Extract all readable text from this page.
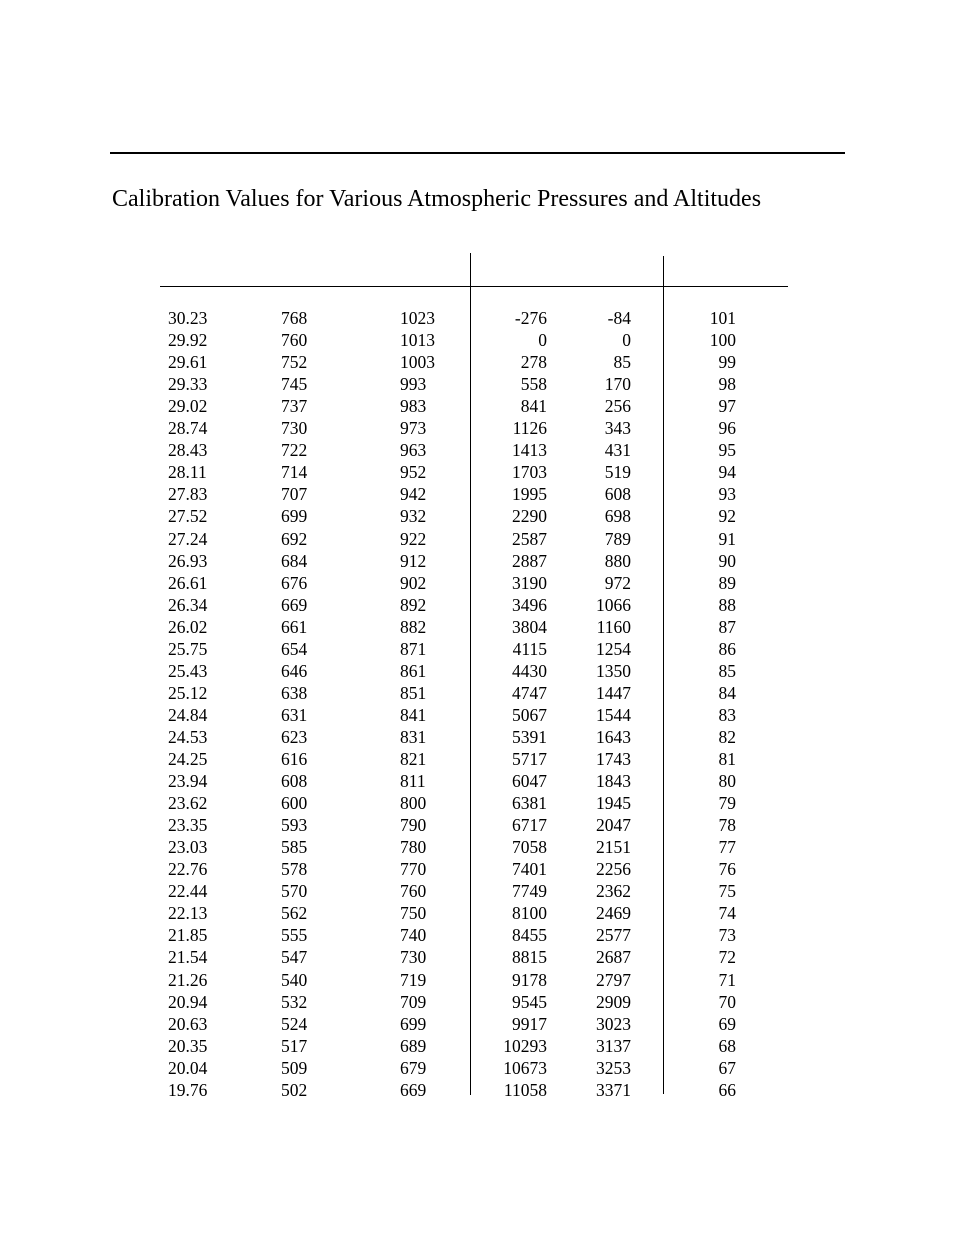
Calibration Values for Various Atmospheric Pressures and Altitudes
30.23	768	1023	-276	-84	101
29.92	760	1013	0	0	100
29.61	752	1003	278	85	99
29.33	745	993	558	170	98
29.02	737	983	841	256	97
28.74	730	973	1126	343	96
28.43	722	963	1413	431	95
28.11	714	952	1703	519	94
27.83	707	942	1995	608	93
27.52	699	932	2290	698	92
27.24	692	922	2587	789	91
26.93	684	912	2887	880	90
26.61	676	902	3190	972	89
26.34	669	892	3496	1066	88
26.02	661	882	3804	1160	87
25.75	654	871	4115	1254	86
25.43	646	861	4430	1350	85
25.12	638	851	4747	1447	84
24.84	631	841	5067	1544	83
24.53	623	831	5391	1643	82
24.25	616	821	5717	1743	81
23.94	608	811	6047	1843	80
23.62	600	800	6381	1945	79
23.35	593	790	6717	2047	78
23.03	585	780	7058	2151	77
22.76	578	770	7401	2256	76
22.44	570	760	7749	2362	75
22.13	562	750	8100	2469	74
21.85	555	740	8455	2577	73
21.54	547	730	8815	2687	72
21.26	540	719	9178	2797	71
20.94	532	709	9545	2909	70
20.63	524	699	9917	3023	69
20.35	517	689	10293	3137	68
20.04	509	679	10673	3253	67
19.76	502	669	11058	3371	66
